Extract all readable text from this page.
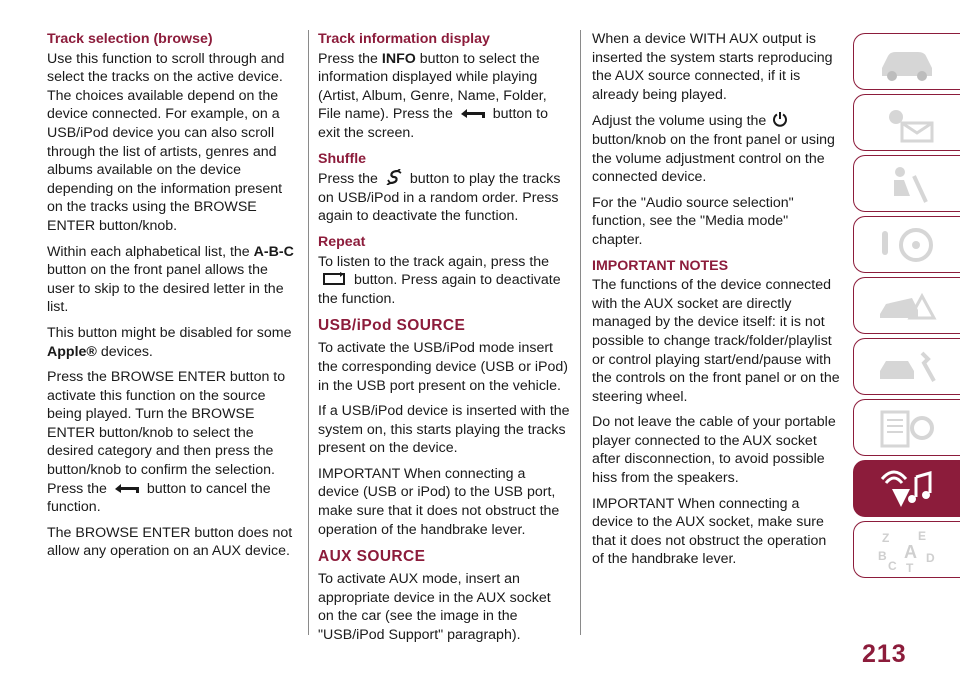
Track selection (browse)

Use this function to scroll through and select the tracks on the active device. The choices available depend on the device connected. For example, on a USB/iPod device you can also scroll through the list of artists, genres and albums available on the device depending on the information present on the tracks using the BROWSE ENTER button/knob.

Within each alphabetical list, the A-B-C button on the front panel allows the user to skip to the desired letter in the list.

This button might be disabled for some Apple® devices.

Press the BROWSE ENTER button to activate this function on the source being played. Turn the BROWSE ENTER button/knob to select the desired category and then press the button/knob to confirm the selection. Press the	button to cancel the function.

The BROWSE ENTER button does not allow any operation on an AUX device.

Track information display

Press the INFO button to select the information displayed while playing (Artist, Album, Genre, Name, Folder, File name). Press the	button to exit the screen.

Shuffle

Press the button to play the tracks on USB/iPod in a random order. Press again to deactivate the function.

Repeat

To listen to the track again, press the  button. Press again to deactivate the function.

USB/iPod SOURCE

To activate the USB/iPod mode insert the corresponding device (USB or iPod) in the USB port present on the vehicle.

If a USB/iPod device is inserted with the system on, this starts playing the tracks present on the device.

IMPORTANT When connecting a device (USB or iPod) to the USB port, make sure that it does not obstruct the operation of the handbrake lever.

AUX SOURCE

To activate AUX mode, insert an appropriate device in the AUX socket on the car (see the image in the "USB/iPod Support" paragraph).

When a device WITH AUX output is inserted the system starts reproducing the AUX source connected, if it is already being played.

Adjust the volume using the  button/knob on the front panel or using the volume adjustment control on the connected device.

For the "Audio source selection" function, see the "Media mode" chapter.

IMPORTANT NOTES

The functions of the device connected with the AUX socket are directly managed by the device itself: it is not possible to change track/folder/playlist or control playing start/end/pause with the controls on the front panel or on the steering wheel.

Do not leave the cable of your portable player connected to the AUX socket after disconnection, to avoid possible hiss from the speakers.

IMPORTANT When connecting a device to the AUX socket, make sure that it does not obstruct the operation of the handbrake lever.

Z E
A
B	D
C T
213
